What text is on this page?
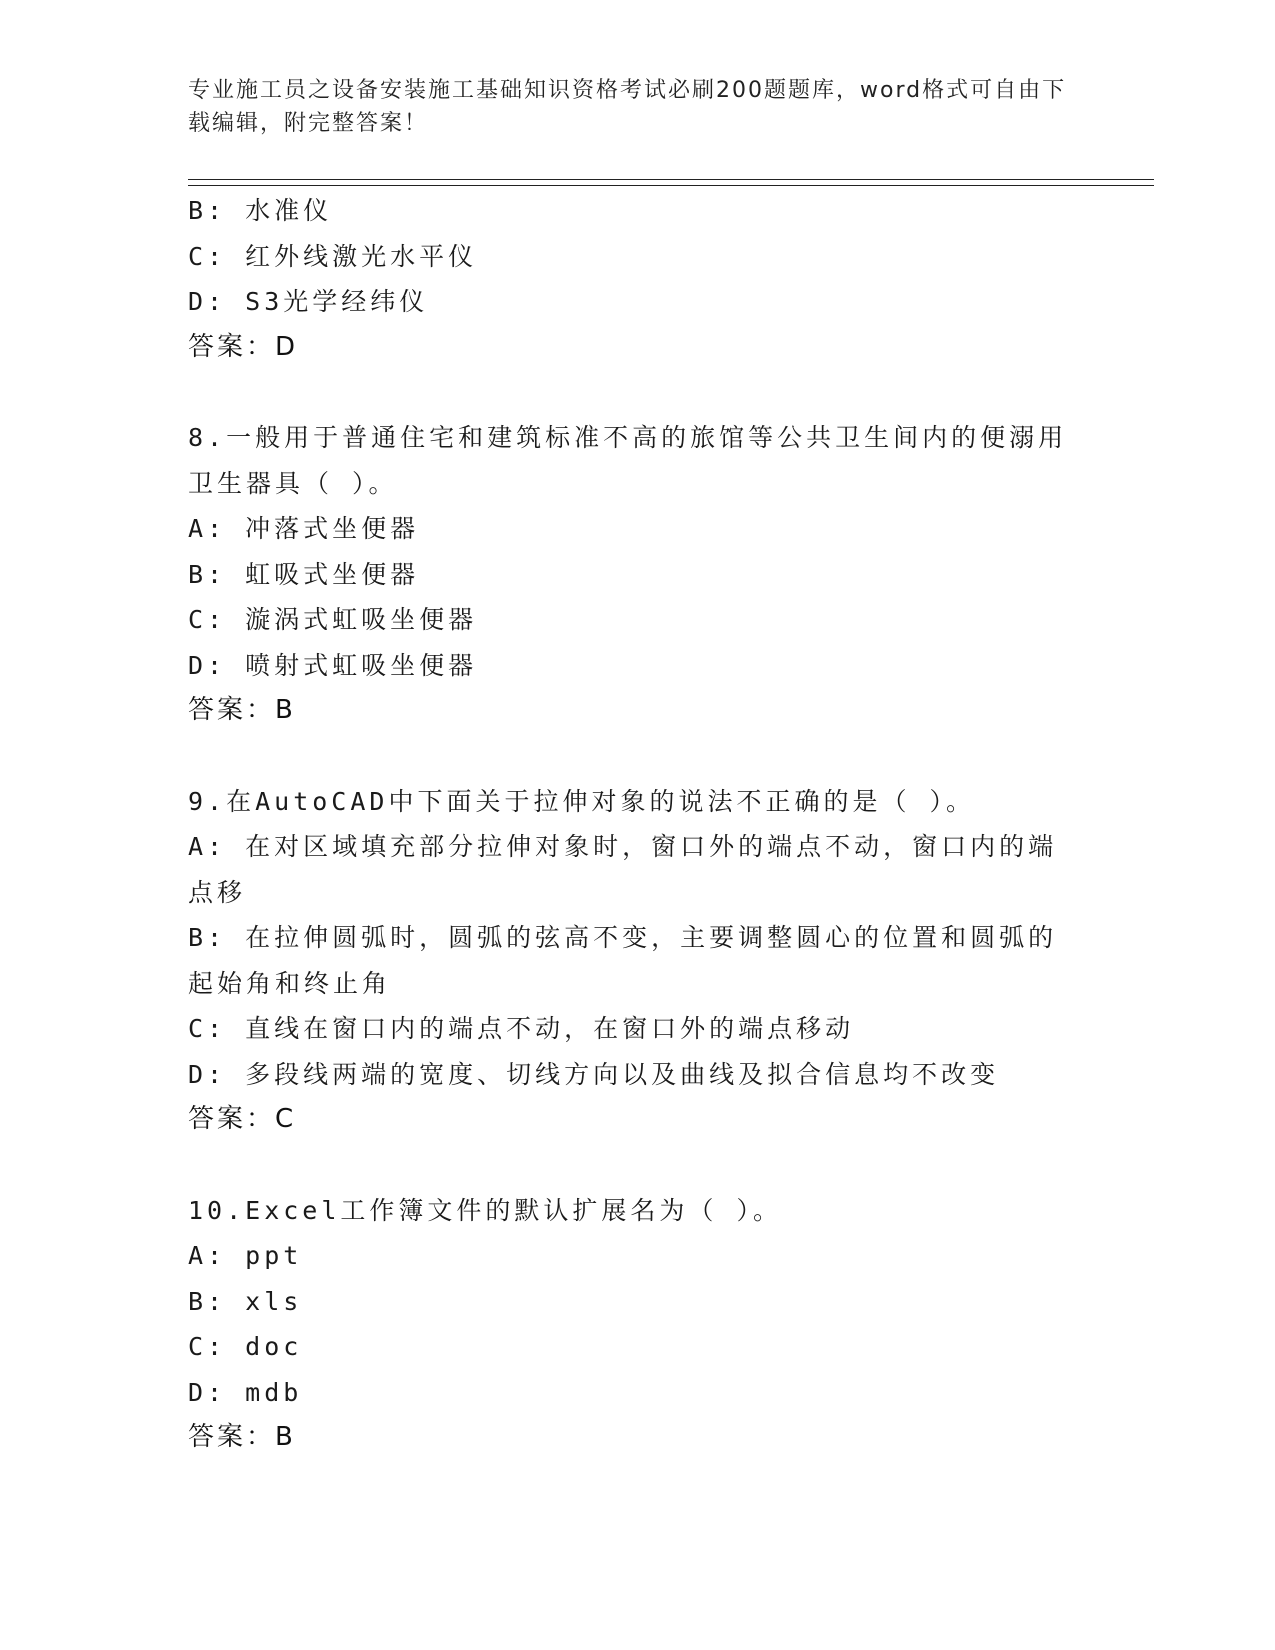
专业施工员之设备安装施工基础知识资格考试必刷200题题库，word格式可自由下载编辑，附完整答案！
B: 水准仪
C: 红外线激光水平仪
D: S3光学经纬仪
答案：D
8.一般用于普通住宅和建筑标准不高的旅馆等公共卫生间内的便溺用卫生器具（ ）。
A: 冲落式坐便器
B: 虹吸式坐便器
C: 漩涡式虹吸坐便器
D: 喷射式虹吸坐便器
答案：B
9.在AutoCAD中下面关于拉伸对象的说法不正确的是（ ）。
A: 在对区域填充部分拉伸对象时，窗口外的端点不动，窗口内的端点移
B: 在拉伸圆弧时，圆弧的弦高不变，主要调整圆心的位置和圆弧的起始角和终止角
C: 直线在窗口内的端点不动，在窗口外的端点移动
D: 多段线两端的宽度、切线方向以及曲线及拟合信息均不改变
答案：C
10.Excel工作簿文件的默认扩展名为（ ）。
A: ppt
B: xls
C: doc
D: mdb
答案：B
